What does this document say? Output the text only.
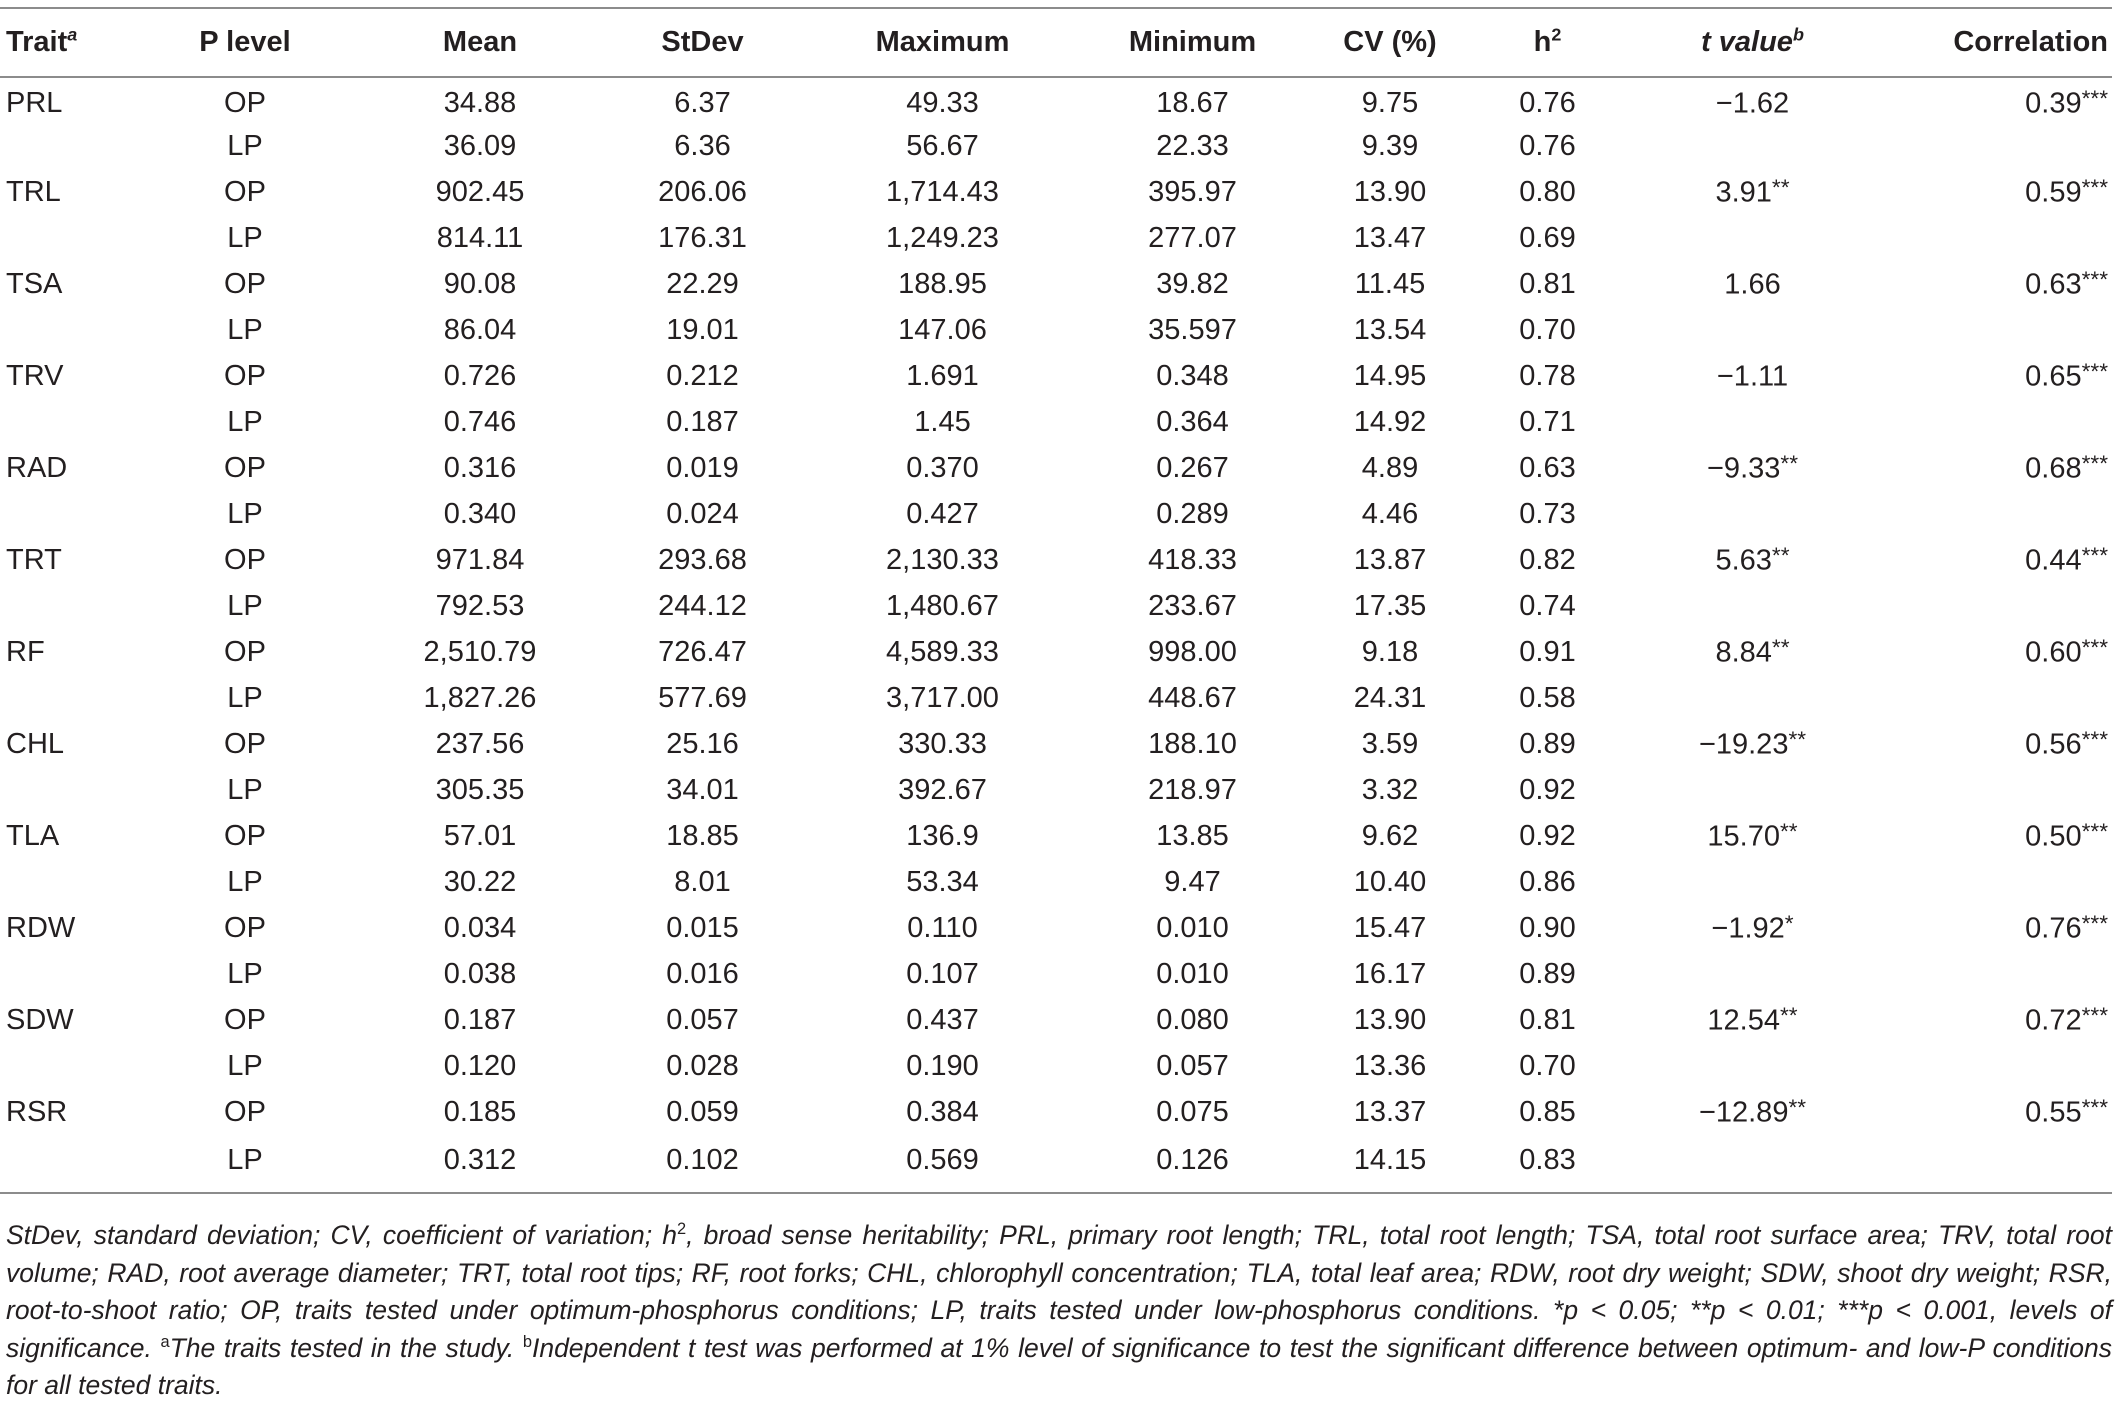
Trait$^a$	P level	Mean	StDev	Maximum	Minimum	CV (%)	$h^2$	t value$^b$	Correlation
PRL	OP	34.88	6.37	49.33	18.67	9.75	0.76	−1.62	0.39***
	LP	36.09	6.36	56.67	22.33	9.39	0.76		
TRL	OP	902.45	206.06	1,714.43	395.97	13.90	0.80	3.91**	0.59***
	LP	814.11	176.31	1,249.23	277.07	13.47	0.69		
TSA	OP	90.08	22.29	188.95	39.82	11.45	0.81	1.66	0.63***
	LP	86.04	19.01	147.06	35.597	13.54	0.70		
TRV	OP	0.726	0.212	1.691	0.348	14.95	0.78	−1.11	0.65***
	LP	0.746	0.187	1.45	0.364	14.92	0.71		
RAD	OP	0.316	0.019	0.370	0.267	4.89	0.63	−9.33**	0.68***
	LP	0.340	0.024	0.427	0.289	4.46	0.73		
TRT	OP	971.84	293.68	2,130.33	418.33	13.87	0.82	5.63**	0.44***
	LP	792.53	244.12	1,480.67	233.67	17.35	0.74		
RF	OP	2,510.79	726.47	4,589.33	998.00	9.18	0.91	8.84**	0.60***
	LP	1,827.26	577.69	3,717.00	448.67	24.31	0.58		
CHL	OP	237.56	25.16	330.33	188.10	3.59	0.89	−19.23**	0.56***
	LP	305.35	34.01	392.67	218.97	3.32	0.92		
TLA	OP	57.01	18.85	136.9	13.85	9.62	0.92	15.70**	0.50***
	LP	30.22	8.01	53.34	9.47	10.40	0.86		
RDW	OP	0.034	0.015	0.110	0.010	15.47	0.90	−1.92*	0.76***
	LP	0.038	0.016	0.107	0.010	16.17	0.89		
SDW	OP	0.187	0.057	0.437	0.080	13.90	0.81	12.54**	0.72***
	LP	0.120	0.028	0.190	0.057	13.36	0.70		
RSR	OP	0.185	0.059	0.384	0.075	13.37	0.85	−12.89**	0.55***
	LP	0.312	0.102	0.569	0.126	14.15	0.83		
StDev, standard deviation; CV, coefficient of variation; $h^2$, broad sense heritability; PRL, primary root length; TRL, total root length; TSA, total root surface area; TRV, total root volume; RAD, root average diameter; TRT, total root tips; RF, root forks; CHL, chlorophyll concentration; TLA, total leaf area; RDW, root dry weight; SDW, shoot dry weight; RSR, root-to-shoot ratio; OP, traits tested under optimum-phosphorus conditions; LP, traits tested under low-phosphorus conditions. *p < 0.05; **p < 0.01; ***p < 0.001, levels of significance. $^a$The traits tested in the study. $^b$Independent t test was performed at 1% level of significance to test the significant difference between optimum- and low-P conditions for all tested traits.
